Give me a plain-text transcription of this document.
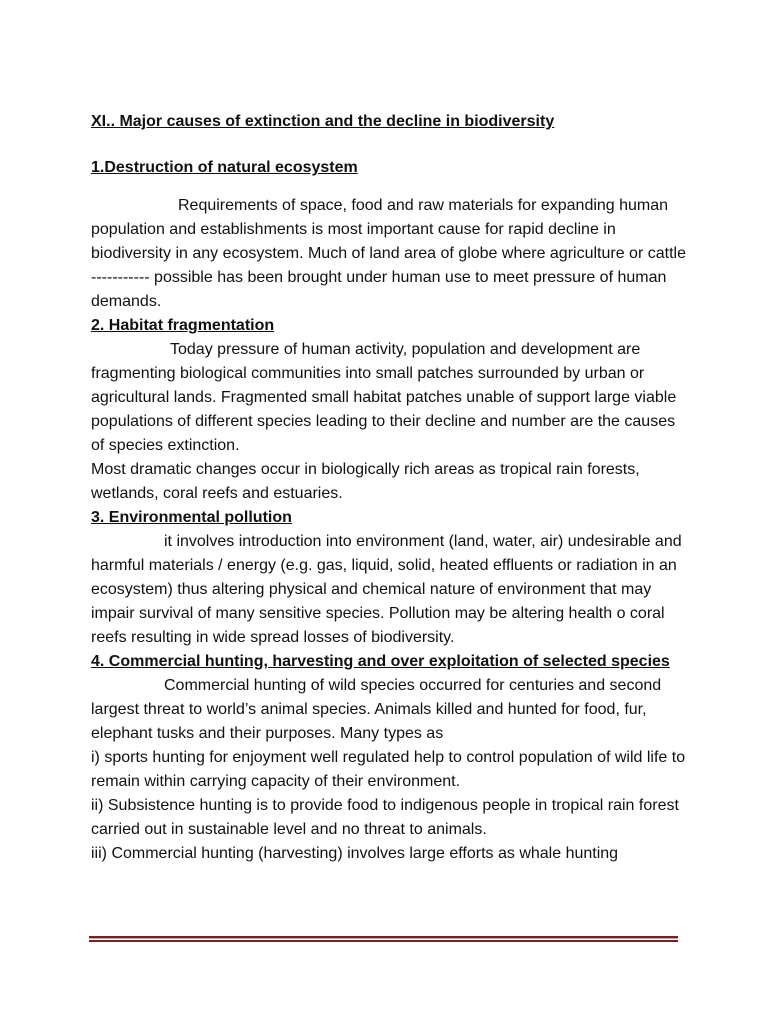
XI.. Major causes of extinction and the decline in biodiversity
1.Destruction of natural ecosystem
Requirements of space, food and raw materials for expanding human population and establishments is most important cause for rapid decline in biodiversity in any ecosystem. Much of land area of globe where agriculture or cattle ----------- possible has been brought under human use to meet pressure of human demands.
2. Habitat fragmentation
Today pressure of human activity, population and development are fragmenting biological communities into small patches surrounded by urban or agricultural lands. Fragmented small habitat patches unable of support large viable populations of different species leading to their decline and number are the causes of species extinction.
Most dramatic changes occur in biologically rich areas as tropical rain forests, wetlands, coral reefs and estuaries.
3. Environmental pollution
it involves introduction into environment (land, water, air) undesirable and harmful materials / energy (e.g. gas, liquid, solid, heated effluents or radiation in an ecosystem) thus altering physical and chemical nature of environment that may impair survival of many sensitive species. Pollution may be altering health o coral reefs resulting in wide spread losses of biodiversity.
4. Commercial hunting, harvesting and over exploitation of selected species
Commercial hunting of wild species occurred for centuries and second largest threat to world’s animal species. Animals killed and hunted for food, fur, elephant tusks and their purposes. Many types as
i) sports hunting for enjoyment well regulated help to control population of wild life to remain within carrying capacity of their environment.
ii) Subsistence hunting is to provide food to indigenous people in tropical rain forest carried out in sustainable level and no threat to animals.
iii) Commercial hunting (harvesting) involves large efforts as whale hunting
